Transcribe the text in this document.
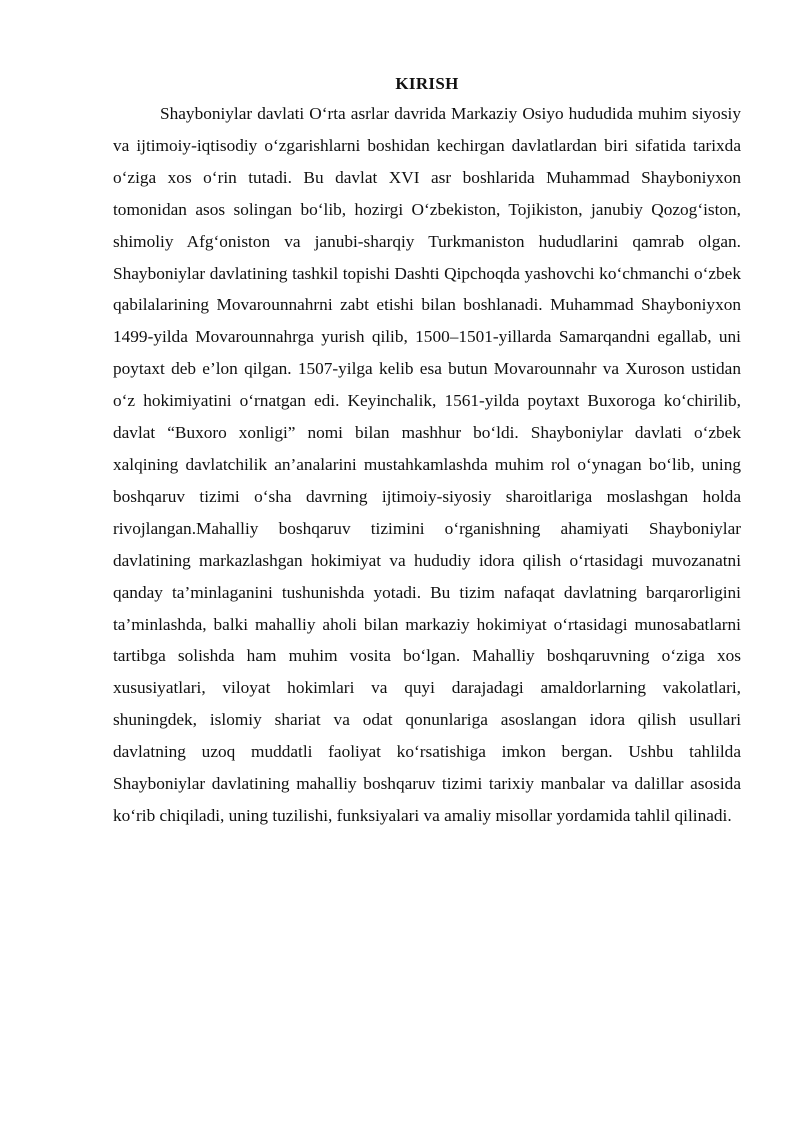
KIRISH

Shayboniylar davlati O‘rta asrlar davrida Markaziy Osiyo hududida muhim siyosiy va ijtimoiy-iqtisodiy o‘zgarishlarni boshidan kechirgan davlatlardan biri sifatida tarixda o‘ziga xos o‘rin tutadi. Bu davlat XVI asr boshlarida Muhammad Shayboniyxon tomonidan asos solingan bo‘lib, hozirgi O‘zbekiston, Tojikiston, janubiy Qozog‘iston, shimoliy Afg‘oniston va janubi-sharqiy Turkmaniston hududlarini qamrab olgan. Shayboniylar davlatining tashkil topishi Dashti Qipchoqda yashovchi ko‘chmanchi o‘zbek qabilalarining Movarounnahrni zabt etishi bilan boshlanadi. Muhammad Shayboniyxon 1499-yilda Movarounnahrga yurish qilib, 1500–1501-yillarda Samarqandni egallab, uni poytaxt deb e’lon qilgan. 1507-yilga kelib esa butun Movarounnahr va Xuroson ustidan o‘z hokimiyatini o‘rnatgan edi. Keyinchalik, 1561-yilda poytaxt Buxoroga ko‘chirilib, davlat “Buxoro xonligi” nomi bilan mashhur bo‘ldi. Shayboniylar davlati o‘zbek xalqining davlatchilik an’analarini mustahkamlashda muhim rol o‘ynagan bo‘lib, uning boshqaruv tizimi o‘sha davrning ijtimoiy-siyosiy sharoitlariga moslashgan holda rivojlangan.Mahalliy boshqaruv tizimini o‘rganishning ahamiyati Shayboniylar davlatining markazlashgan hokimiyat va hududiy idora qilish o‘rtasidagi muvozanatni qanday ta’minlaganini tushunishda yotadi. Bu tizim nafaqat davlatning barqarorligini ta’minlashda, balki mahalliy aholi bilan markaziy hokimiyat o‘rtasidagi munosabatlarni tartibga solishda ham muhim vosita bo‘lgan. Mahalliy boshqaruvning o‘ziga xos xususiyatlari, viloyat hokimlari va quyi darajadagi amaldorlarning vakolatlari, shuningdek, islomiy shariat va odat qonunlariga asoslangan idora qilish usullari davlatning uzoq muddatli faoliyat ko‘rsatishiga imkon bergan. Ushbu tahlilda Shayboniylar davlatining mahalliy boshqaruv tizimi tarixiy manbalar va dalillar asosida ko‘rib chiqiladi, uning tuzilishi, funksiyalari va amaliy misollar yordamida tahlil qilinadi.
